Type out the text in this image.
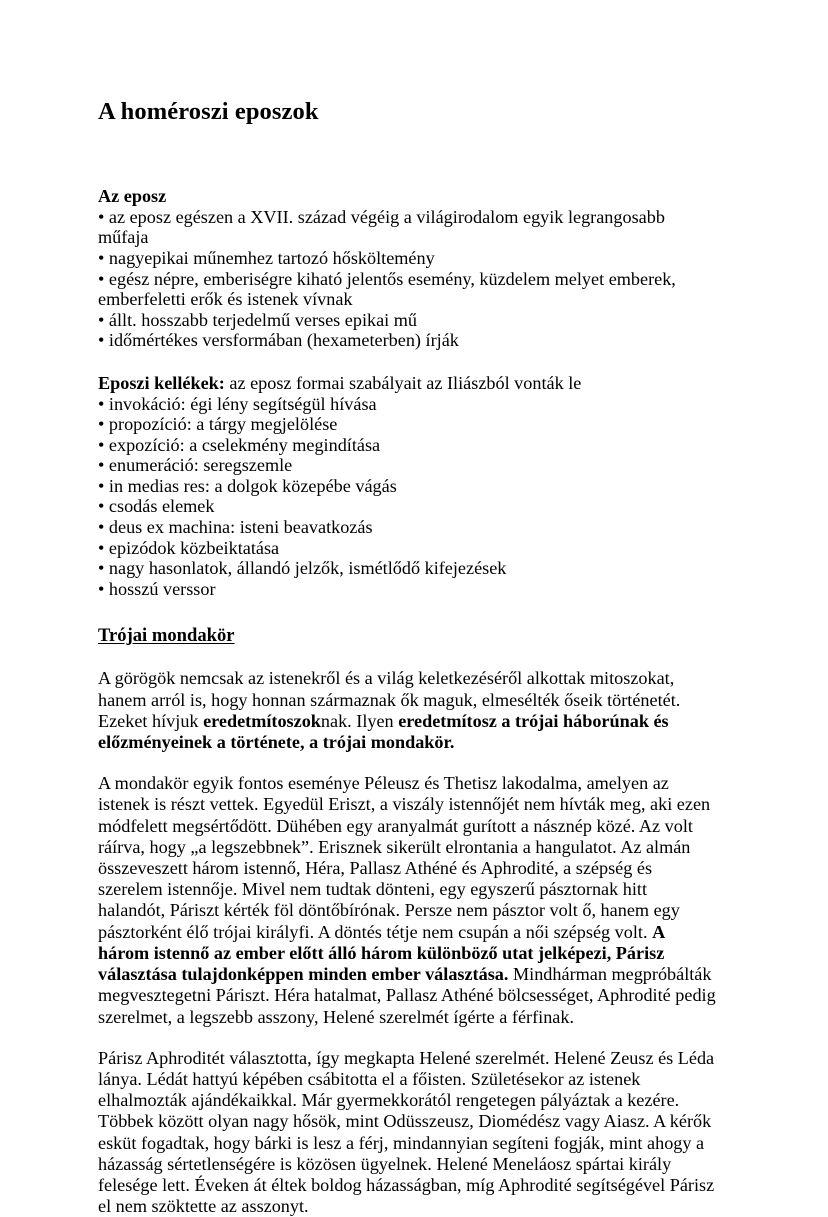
A homéroszi eposzok
Az eposz
• az eposz egészen a XVII. század végéig a világirodalom egyik legrangosabb műfaja
• nagyepikai műnemhez tartozó hősköltemény
• egész népre, emberiségre kiható jelentős esemény, küzdelem melyet emberek,
emberfeletti erők és istenek vívnak
• állt. hosszabb terjedelmű verses epikai mű
• időmértékes versformában (hexameterben) írják
Eposzi kellékek: az eposz formai szabályait az Iliászból vonták le
• invokáció: égi lény segítségül hívása
• propozíció: a tárgy megjelölése
• expozíció: a cselekmény megindítása
• enumeráció: seregszemle
• in medias res: a dolgok közepébe vágás
• csodás elemek
• deus ex machina: isteni beavatkozás
• epizódok közbeiktatása
• nagy hasonlatok, állandó jelzők, ismétlődő kifejezések
• hosszú verssor
Trójai mondakör
A görögök nemcsak az istenekről és a világ keletkezéséről alkottak mitoszokat, hanem arról is, hogy honnan származnak ők maguk, elmesélték őseik történetét. Ezeket hívjuk eredetmítoszoknak. Ilyen eredetmítosz a trójai háborúnak és előzményeinek a története, a trójai mondakör.
A mondakör egyik fontos eseménye Péleusz és Thetisz lakodalma, amelyen az istenek is részt vettek. Egyedül Eriszt, a viszály istennőjét nem hívták meg, aki ezen módfelett megsértődött. Dühében egy aranyalmát gurított a násznép közé. Az volt ráírva, hogy „a legszebbnek”. Erisznek sikerült elrontania a hangulatot. Az almán összeveszett három istennő, Héra, Pallasz Athéné és Aphrodité, a szépség és szerelem istennője. Mivel nem tudtak dönteni, egy egyszerű pásztornak hitt halandót, Páriszt kérték föl döntőbírónak. Persze nem pásztor volt ő, hanem egy pásztorként élő trójai királyfi. A döntés tétje nem csupán a női szépség volt. A három istennő az ember előtt álló három különböző utat jelképezi, Párisz választása tulajdonképpen minden ember választása. Mindhárman megpróbálták megvesztegetni Páriszt. Héra hatalmat, Pallasz Athéné bölcsességet, Aphrodité pedig szerelmet, a legszebb asszony, Helené szerelmét ígérte a férfinak.
Párisz Aphroditét választotta, így megkapta Helené szerelmét. Helené Zeusz és Léda lánya. Lédát hattyú képében csábitotta el a főisten. Születésekor az istenek elhalmozták ajándékaikkal. Már gyermekkorától rengetegen pályáztak a kezére. Többek között olyan nagy hősök, mint Odüsszeusz, Diomédész vagy Aiasz. A kérők esküt fogadtak, hogy bárki is lesz a férj, mindannyian segíteni fogják, mint ahogy a házasság sértetlenségére is közösen ügyelnek. Helené Meneláosz spártai király felesége lett. Éveken át éltek boldog házasságban, míg Aphrodité segítségével Párisz el nem szöktette az asszonyt.
